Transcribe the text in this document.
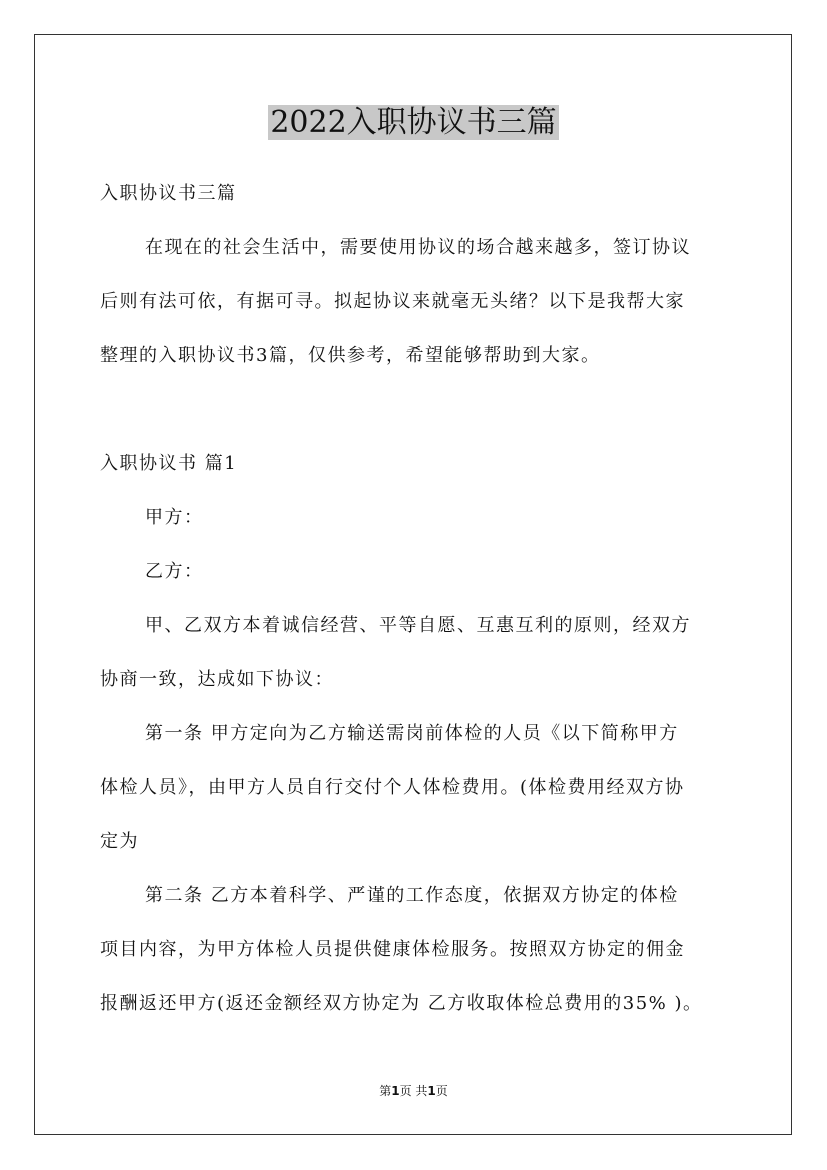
2022入职协议书三篇
入职协议书三篇
在现在的社会生活中，需要使用协议的场合越来越多，签订协议
后则有法可依，有据可寻。拟起协议来就毫无头绪？以下是我帮大家
整理的入职协议书3篇，仅供参考，希望能够帮助到大家。
入职协议书 篇1
甲方：
乙方：
甲、乙双方本着诚信经营、平等自愿、互惠互利的原则，经双方
协商一致，达成如下协议：
第一条 甲方定向为乙方输送需岗前体检的人员《以下简称甲方
体检人员》，由甲方人员自行交付个人体检费用。(体检费用经双方协
定为
第二条 乙方本着科学、严谨的工作态度，依据双方协定的体检
项目内容，为甲方体检人员提供健康体检服务。按照双方协定的佣金
报酬返还甲方(返还金额经双方协定为 乙方收取体检总费用的35% )。
第1页 共1页
